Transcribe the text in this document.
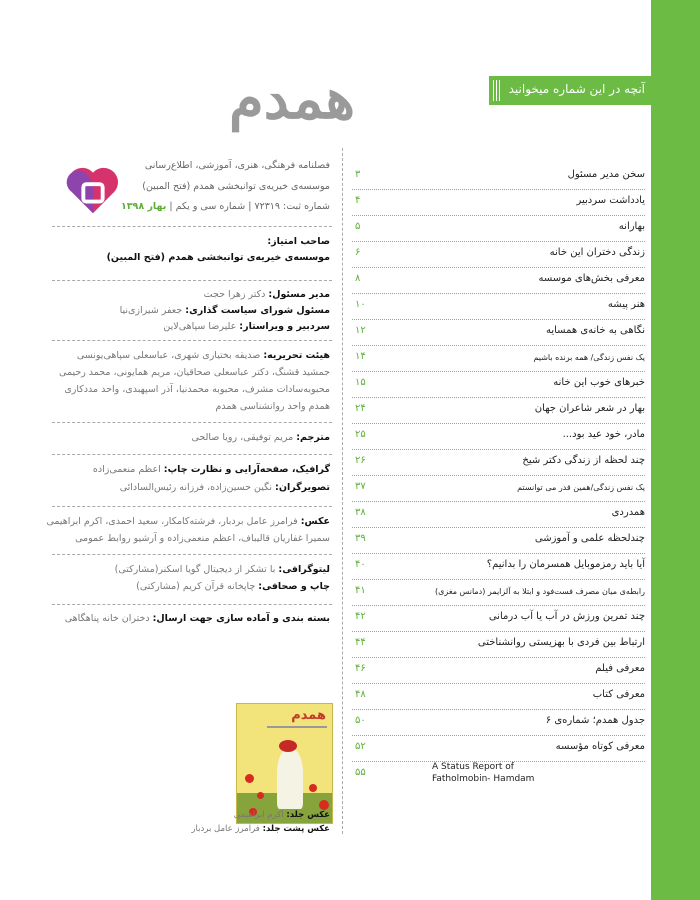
آنچه در این شماره میخوانید
سخن مدیر مسئول
۳
یادداشت سردبیر
۴
بهارانه
۵
زندگی دختران این خانه
۶
معرفی بخش‌های موسسه
۸
هنر پیشه
۱۰
نگاهی به خانه‌ی همسایه
۱۲
یک نفس زندگی/ همه برنده باشیم
۱۴
خبرهای خوب این خانه
۱۵
بهار در شعر شاعران جهان
۲۴
مادر، خود عید بود...
۲۵
چند لحظه از زندگی دکتر شیخ
۲۶
یک نفس زندگی/همین قدر می توانستم
۳۷
همدردی
۳۸
چندلحظه علمی و آموزشی
۳۹
آیا باید رمزموبایل همسرمان را بدانیم؟
۴۰
رابطه‌ی میان مصرف فست‌فود و ابتلا به آلزایمر (دمانس مغزی)
۴۱
چند تمرین ورزش در آب یا آب درمانی
۴۲
ارتباط بین فردی با بهزیستی روانشناختی
۴۴
معرفی فیلم
۴۶
معرفی کتاب
۴۸
جدول همدم؛ شماره‌ی ۶
۵۰
معرفی کوتاه مؤسسه
۵۲
۵۵	A Status Report of Fatholmobin- Hamdam
همدم
فصلنامه فرهنگی، هنری، آموزشی، اطلاع‌رسانی
موسسه‌ی خیریه‌ی توانبخشی همدم (فتح المبین)
شماره ثبت: ۷۲۳۱۹ | شماره سی و یکم | بهار ۱۳۹۸
صاحب امتیاز:
موسسه‌ی خیریه‌ی توانبخشی همدم (فتح المبین)
مدیر مسئول: دکتر زهرا حجت
مسئول شورای سیاست گذاری: جعفر شیرازی‌نیا
سردبیر و ویراستار: علیرضا سپاهی‌لاین
هیئت تحریریه: صدیقه بختیاری شهری، عباسعلی سپاهی‌یونسی
جمشید قشنگ، دکتر عباسعلی صحاقیان، مریم همایونی، محمد رحیمی
محبوبه‌سادات مشرف، محبوبه محمدنیا، آذر اسپهبدی، واحد مددکاری
همدم واحد روانشناسی همدم
مترجم: مریم توفیقی، رویا صالحی
گرافیک، صفحه‌آرایی و نظارت چاپ: اعظم منعمی‌زاده
تصویرگران: نگین حسین‌زاده، فرزانه رئیس‌السادائی
عکس: فرامرز عامل بردبار، فرشته‌کامکار، سعید احمدی، اکرم ابراهیمی
سمیرا غفاریان قالیباف، اعظم منعمی‌زاده و آرشیو روابط عمومی
لیتوگرافی: با تشکر از دیجیتال گویا اسکنر(مشارکتی)
چاپ و صحافی: چاپخانه قرآن کریم (مشارکتی)
بسته بندی و آماده سازی جهت ارسال: دختران خانه پناهگاهی
همدم
عکس جلد: اکرم ابراهیمی
عکس پشت جلد: فرامرز عامل بردبار
